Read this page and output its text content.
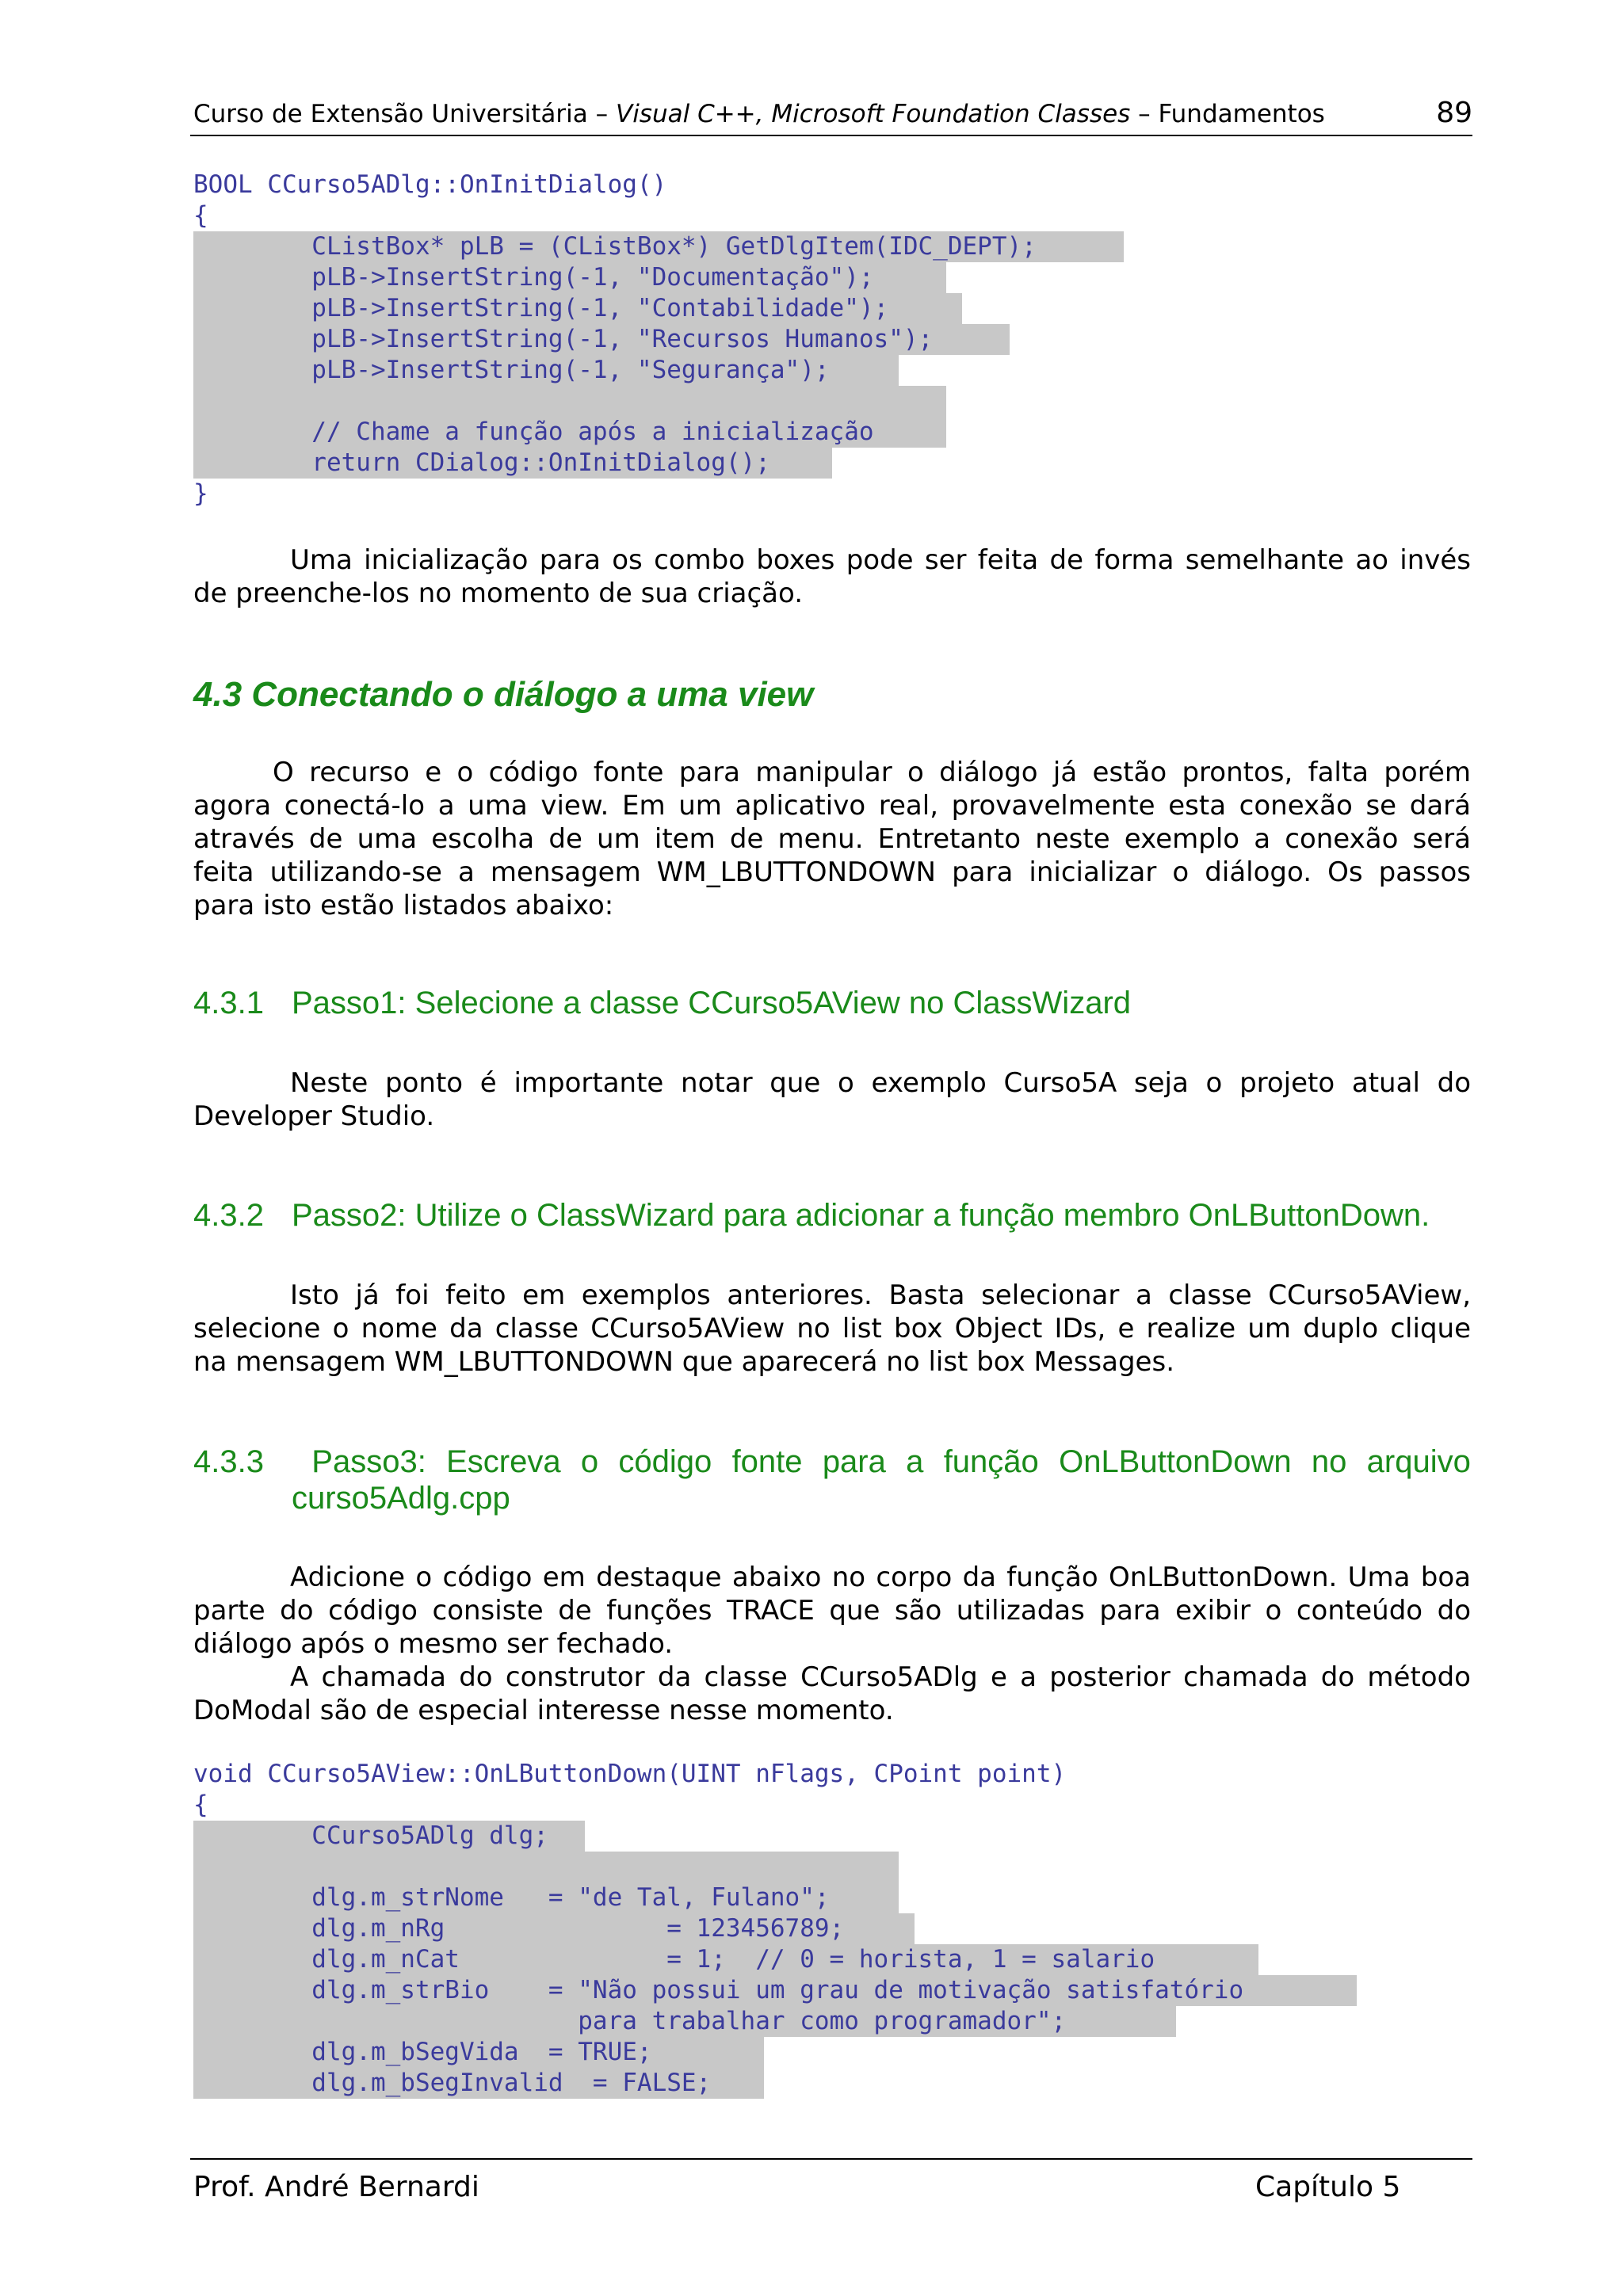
Curso de Extensão Universitária – Visual C++, Microsoft Foundation Classes – Fundamentos	89
BOOL CCurso5ADlg::OnInitDialog()
{
CListBox* pLB = (CListBox*) GetDlgItem(IDC_DEPT);
pLB->InsertString(-1, "Documentação");
pLB->InsertString(-1, "Contabilidade");
pLB->InsertString(-1, "Recursos Humanos");
pLB->InsertString(-1, "Segurança");
// Chame a função após a inicialização
return CDialog::OnInitDialog();
}
Uma inicialização para os combo boxes pode ser feita de forma semelhante ao invés
de preenche-los no momento de sua criação.
4.3 Conectando o diálogo a uma view
O recurso e o código fonte para manipular o diálogo já estão prontos, falta porém
agora conectá-lo a uma view. Em um aplicativo real, provavelmente esta conexão se dará
através de uma escolha de um item de menu. Entretanto neste exemplo a conexão será
feita utilizando-se a mensagem WM_LBUTTONDOWN para inicializar o diálogo. Os passos
para isto estão listados abaixo:
4.3.1 Passo1: Selecione a classe CCurso5AView no ClassWizard
Neste ponto é importante notar que o exemplo Curso5A seja o projeto atual do
Developer Studio.
4.3.2 Passo2: Utilize o ClassWizard para adicionar a função membro OnLButtonDown.
Isto já foi feito em exemplos anteriores. Basta selecionar a classe CCurso5AView,
selecione o nome da classe CCurso5AView no list box Object IDs, e realize um duplo clique
na mensagem WM_LBUTTONDOWN que aparecerá no list box Messages.
4.3.3	Passo3: Escreva o código fonte para a função OnLButtonDown no arquivo
curso5Adlg.cpp
Adicione o código em destaque abaixo no corpo da função OnLButtonDown. Uma boa
parte do código consiste de funções TRACE que são utilizadas para exibir o conteúdo do
diálogo após o mesmo ser fechado.
A chamada do construtor da classe CCurso5ADlg e a posterior chamada do método
DoModal são de especial interesse nesse momento.
void CCurso5AView::OnLButtonDown(UINT nFlags, CPoint point)
{
CCurso5ADlg dlg;
dlg.m_strNome   = "de Tal, Fulano";
dlg.m_nRg               = 123456789;
dlg.m_nCat              = 1;  // 0 = horista, 1 = salario
dlg.m_strBio    = "Não possui um grau de motivação satisfatório
para trabalhar como programador";
dlg.m_bSegVida  = TRUE;
dlg.m_bSegInvalid  = FALSE;
Prof. André Bernardi	Capítulo 5
